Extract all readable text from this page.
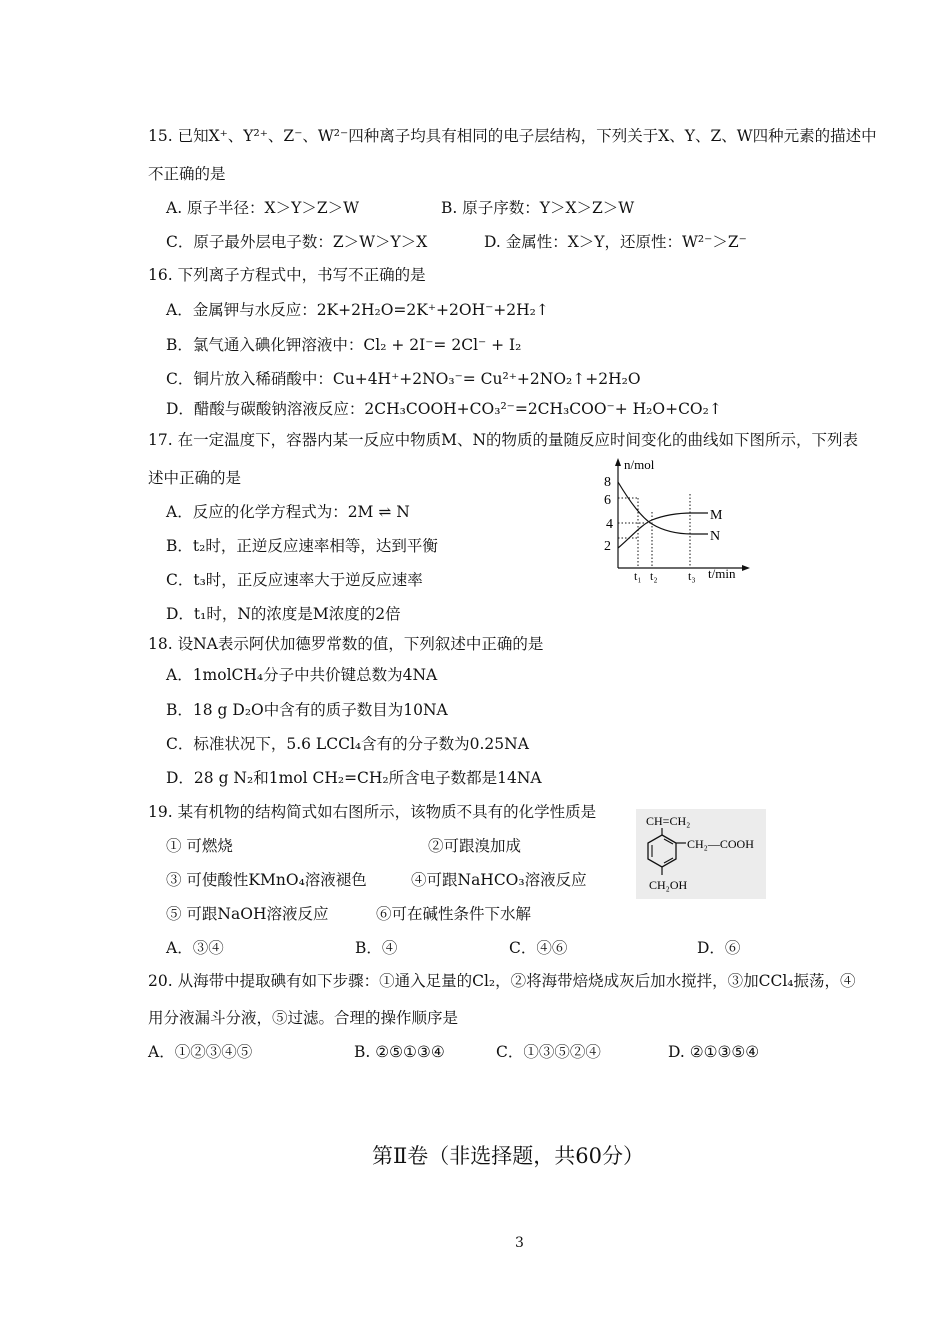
15. 已知X⁺、Y²⁺、Z⁻、W²⁻四种离子均具有相同的电子层结构，下列关于X、Y、Z、W四种元素的描述中
不正确的是
A. 原子半径：X＞Y＞Z＞W	B. 原子序数：Y＞X＞Z＞W
C．原子最外层电子数：Z＞W＞Y＞X	D. 金属性：X＞Y，还原性：W²⁻＞Z⁻
16. 下列离子方程式中，书写不正确的是
A．金属钾与水反应：2K+2H₂O=2K⁺+2OH⁻+2H₂↑
B．氯气通入碘化钾溶液中：Cl₂ + 2I⁻= 2Cl⁻ + I₂
C．铜片放入稀硝酸中：Cu+4H⁺+2NO₃⁻= Cu²⁺+2NO₂↑+2H₂O
D．醋酸与碳酸钠溶液反应：2CH₃COOH+CO₃²⁻=2CH₃COO⁻+ H₂O+CO₂↑
17. 在一定温度下，容器内某一反应中物质M、N的物质的量随反应时间变化的曲线如下图所示，下列表
述中正确的是
A．反应的化学方程式为：2M ⇌ N
B．t₂时，正逆反应速率相等，达到平衡
C．t₃时，正反应速率大于逆反应速率
D．t₁时，N的浓度是M浓度的2倍
n/mol
t/min
8
6
4
2
M
N
t₁ t₂	t₃
18. 设NA表示阿伏加德罗常数的值，下列叙述中正确的是
A．1molCH₄分子中共价键总数为4NA
B．18 g D₂O中含有的质子数目为10NA
C．标准状况下，5.6 LCCl₄含有的分子数为0.25NA
D．28 g N₂和1mol CH₂=CH₂所含电子数都是14NA
19. 某有机物的结构简式如右图所示，该物质不具有的化学性质是
① 可燃烧	②可跟溴加成
③ 可使酸性KMnO₄溶液褪色	④可跟NaHCO₃溶液反应
⑤ 可跟NaOH溶液反应	⑥可在碱性条件下水解
A．③④	B．④	C．④⑥	D．⑥
CH=CH₂
CH₂—COOH
CH₂OH
20. 从海带中提取碘有如下步骤：①通入足量的Cl₂，②将海带焙烧成灰后加水搅拌，③加CCl₄振荡，④
用分液漏斗分液，⑤过滤。合理的操作顺序是
A．①②③④⑤	B. ②⑤①③④	C．①③⑤②④	D. ②①③⑤④
第Ⅱ卷（非选择题，共60分）
3
